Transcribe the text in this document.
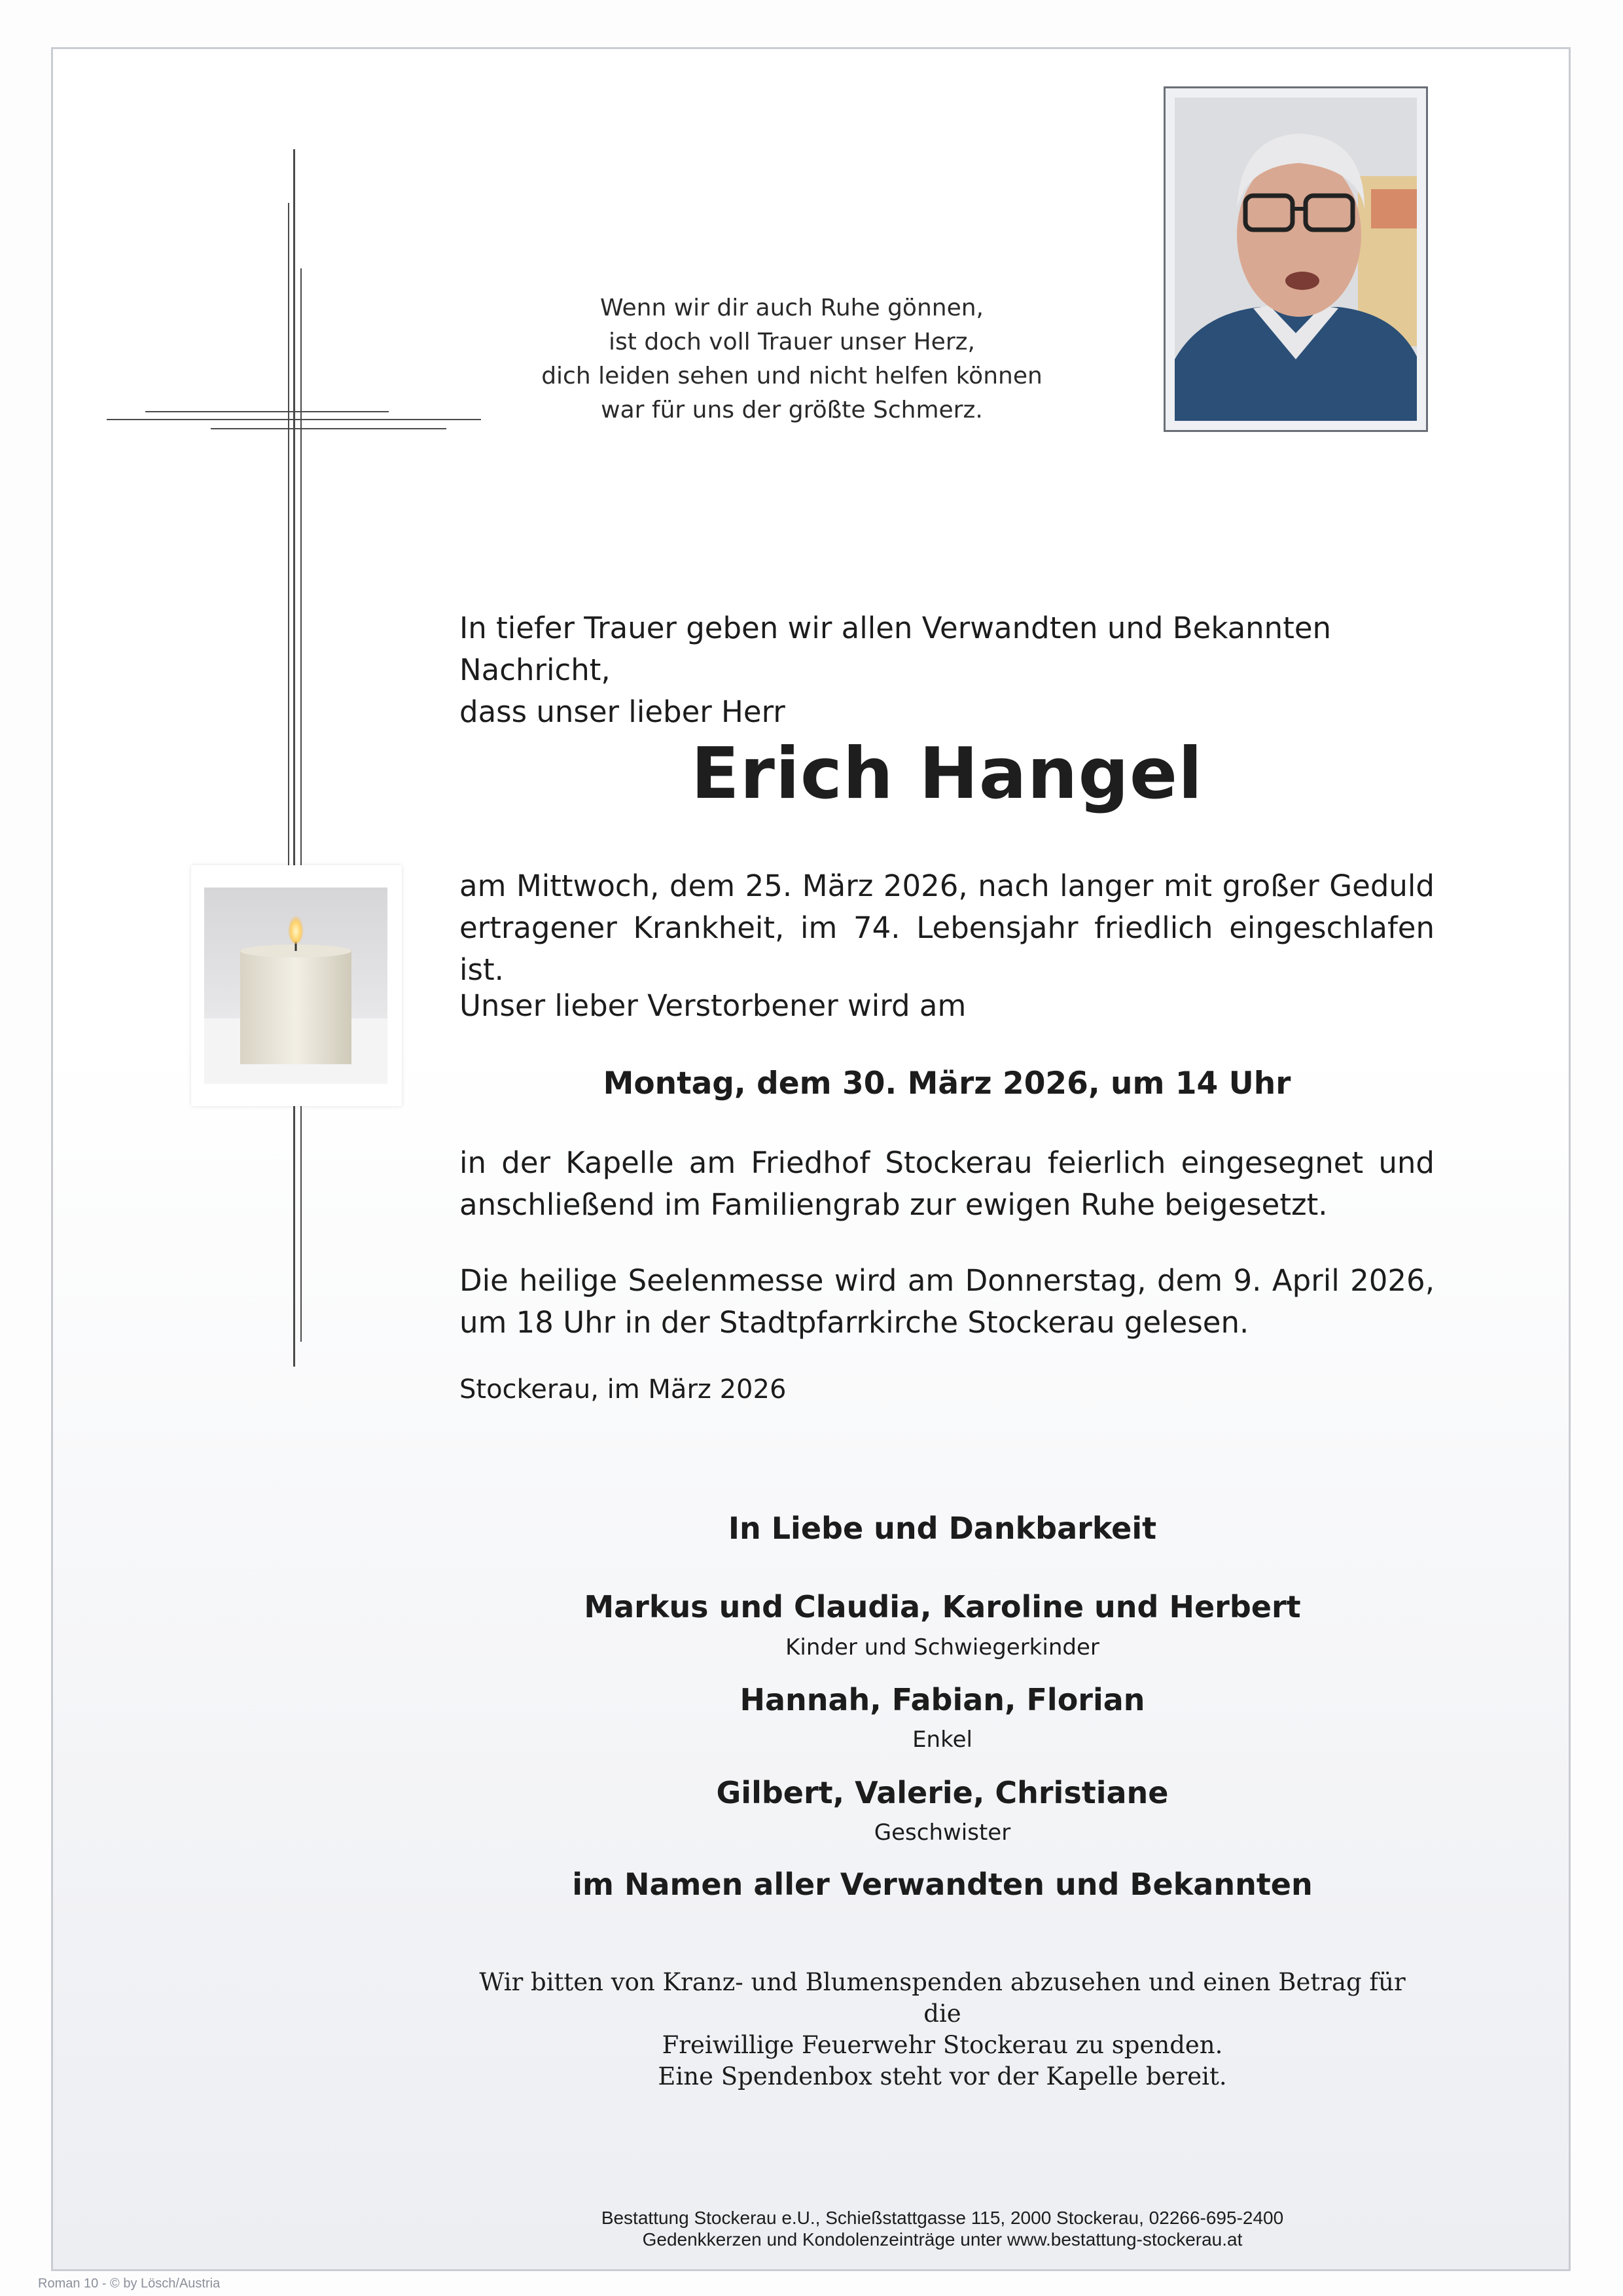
Wenn wir dir auch Ruhe gönnen,
ist doch voll Trauer unser Herz,
dich leiden sehen und nicht helfen können
war für uns der größte Schmerz.
In tiefer Trauer geben wir allen Verwandten und Bekannten Nachricht,
dass unser lieber Herr
Erich Hangel
am Mittwoch, dem 25. März 2026, nach langer mit großer Geduld ertragener Krankheit, im 74. Lebensjahr friedlich eingeschlafen ist.
Unser lieber Verstorbener wird am
Montag, dem 30. März 2026, um 14 Uhr
in der Kapelle am Friedhof Stockerau feierlich eingesegnet und anschließend im Familiengrab zur ewigen Ruhe beigesetzt.
Die heilige Seelenmesse wird am Donnerstag, dem 9. April 2026, um 18 Uhr in der Stadtpfarrkirche Stockerau gelesen.
Stockerau, im März 2026
In Liebe und Dankbarkeit
Markus und Claudia, Karoline und Herbert
Kinder und Schwiegerkinder
Hannah, Fabian, Florian
Enkel
Gilbert, Valerie, Christiane
Geschwister
im Namen aller Verwandten und Bekannten
Wir bitten von Kranz- und Blumenspenden abzusehen und einen Betrag für die
Freiwillige Feuerwehr Stockerau zu spenden.
Eine Spendenbox steht vor der Kapelle bereit.
Bestattung Stockerau e.U., Schießstattgasse 115, 2000 Stockerau, 02266-695-2400
Gedenkkerzen und Kondolenzeinträge unter www.bestattung-stockerau.at
Roman 10 - © by Lösch/Austria
